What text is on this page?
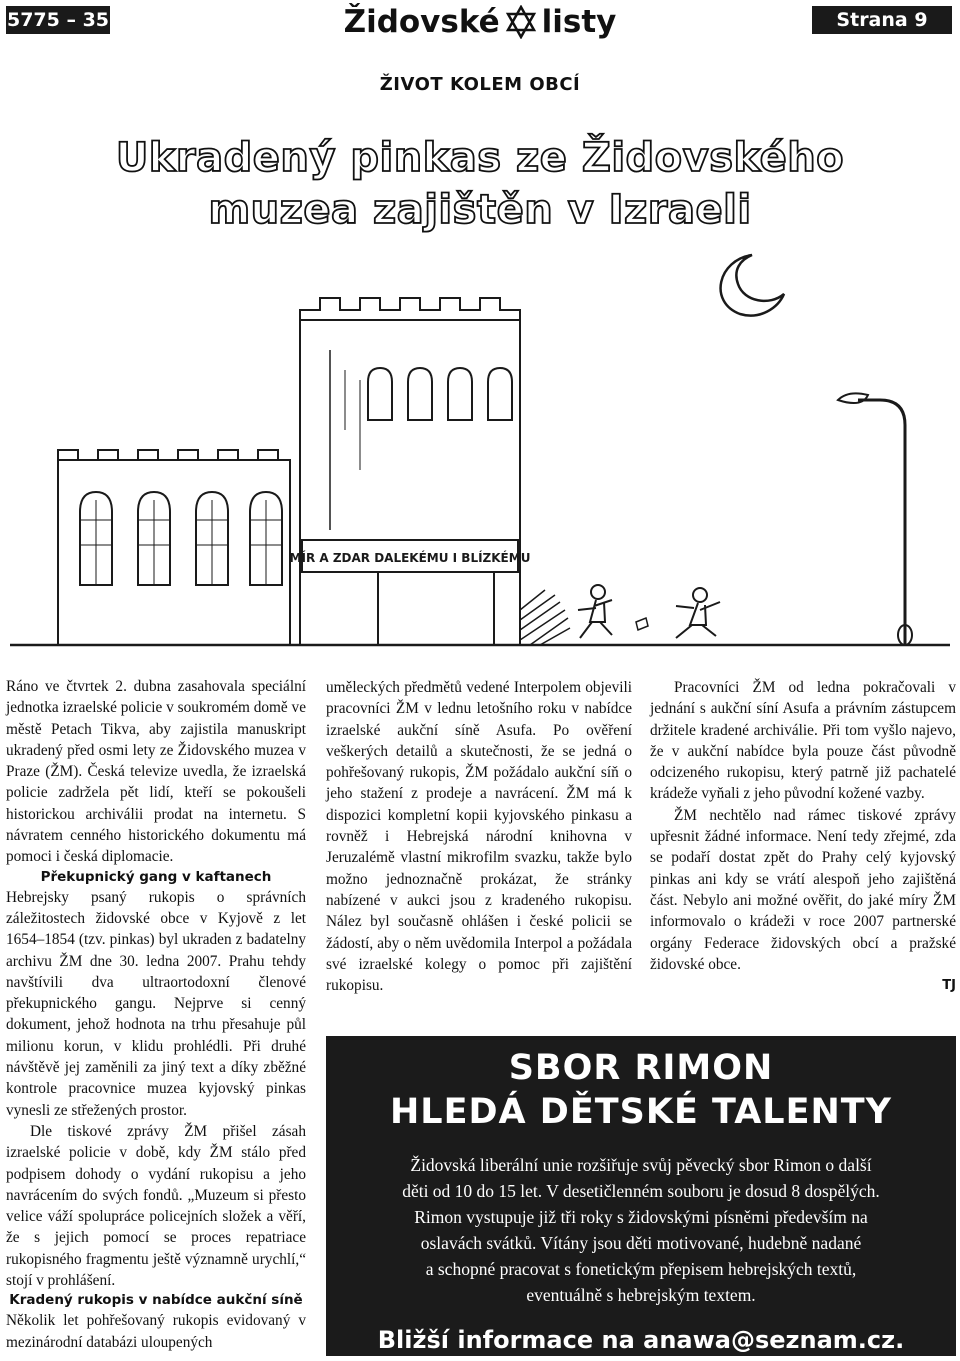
5775 – 35	Židovské listy	Strana 9
ŽIVOT KOLEM OBCÍ
Ukradený pinkas ze Židovského
muzea zajištěn v Izraeli
MÍR A ZDAR DALEKÉMU I BLÍZKÉMU

Ráno ve čtvrtek 2. dubna zasahovala speciální jednotka izraelské policie v soukromém domě ve městě Petach Tikva, aby zajistila manuskript ukradený před osmi lety ze Židovského muzea v Praze (ŽM). Česká televize uvedla, že izraelská policie zadržela pět lidí, kteří se pokoušeli historickou archiválii prodat na internetu. S návratem cenného historického dokumentu má pomoci i česká diplomacie.

Překupnický gang v kaftanech

Hebrejsky psaný rukopis o správních záležitostech židovské obce v Kyjově z let 1654–1854 (tzv. pinkas) byl ukraden z badatelny archivu ŽM dne 30. ledna 2007. Prahu tehdy navštívili dva ultraortodoxní členové překupnického gangu. Nejprve si cenný dokument, jehož hodnota na trhu přesahuje půl milionu korun, v klidu prohlédli. Při druhé návštěvě jej zaměnili za jiný text a díky zběžné kontrole pracovnice muzea kyjovský pinkas vynesli ze střežených prostor.

Dle tiskové zprávy ŽM přišel zásah izraelské policie v době, kdy ŽM stálo před podpisem dohody o vydání rukopisu a jeho navrácením do svých fondů. „Muzeum si přesto velice váží spolupráce policejních složek a věří, že s jejich pomocí se proces repatriace rukopisného fragmentu ještě významně urychlí,“ stojí v prohlášení.

Kradený rukopis v nabídce aukční síně

Několik let pohřešovaný rukopis evidovaný v mezinárodní databázi uloupených

uměleckých předmětů vedené Interpolem objevili pracovníci ŽM v lednu letošního roku v nabídce izraelské aukční síně Asufa. Po ověření veškerých detailů a skutečnosti, že se jedná o pohřešovaný rukopis, ŽM požádalo aukční síň o jeho stažení z prodeje a navrácení. ŽM má k dispozici kompletní kopii kyjovského pinkasu a rovněž i Hebrejská národní knihovna v Jeruzalémě vlastní mikrofilm svazku, takže bylo možno jednoznačně prokázat, že stránky nabízené v aukci jsou z kradeného rukopisu. Nález byl současně ohlášen i české policii se žádostí, aby o něm uvědomila Interpol a požádala své izraelské kolegy o pomoc při zajištění rukopisu.

Pracovníci ŽM od ledna pokračovali v jednání s aukční síní Asufa a právním zástupcem držitele kradené archiválie. Při tom vyšlo najevo, že v aukční nabídce byla pouze část původně odcizeného rukopisu, který patrně již pachatelé krádeže vyňali z jeho původní kožené vazby.

ŽM nechtělo nad rámec tiskové zprávy upřesnit žádné informace. Není tedy zřejmé, zda se podaří dostat zpět do Prahy celý kyjovský pinkas ani kdy se vrátí alespoň jeho zajištěná část. Nebylo ani možné ověřit, do jaké míry ŽM informovalo o krádeži v roce 2007 partnerské orgány Federace židovských obcí a pražské židovské obce.

TJ
SBOR RIMON
HLEDÁ DĚTSKÉ TALENTY
Židovská liberální unie rozšiřuje svůj pěvecký sbor Rimon o další
děti od 10 do 15 let. V desetičlenném souboru je dosud 8 dospělých.
Rimon vystupuje již tři roky s židovskými písněmi především na
oslavách svátků. Vítány jsou děti motivované, hudebně nadané
a schopné pracovat s fonetickým přepisem hebrejských textů,
eventuálně s hebrejským textem.
Bližší informace na anawa@seznam.cz.
